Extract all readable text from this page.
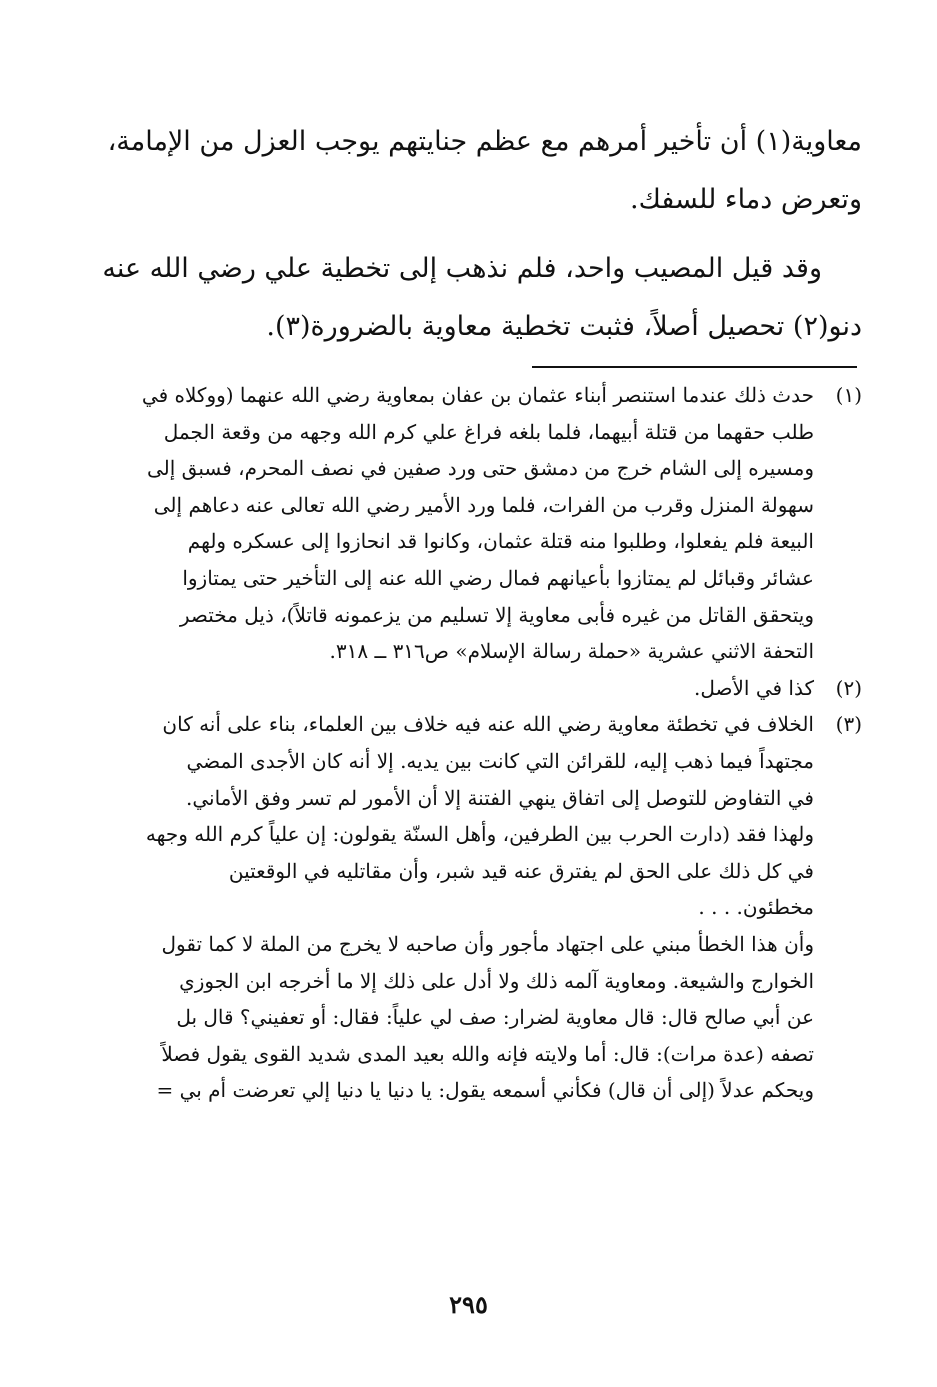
معاوية(١) أن تأخير أمرهم مع عظم جنايتهم يوجب العزل من الإمامة،
وتعرض دماء للسفك.
وقد قيل المصيب واحد، فلم نذهب إلى تخطية علي رضي الله عنه
دنو(٢) تحصيل أصلاً، فثبت تخطية معاوية بالضرورة(٣).
(١)
حدث ذلك عندما استنصر أبناء عثمان بن عفان بمعاوية رضي الله عنهما (ووكلاه في
طلب حقهما من قتلة أبيهما، فلما بلغه فراغ علي كرم الله وجهه من وقعة الجمل
ومسيره إلى الشام خرج من دمشق حتى ورد صفين في نصف المحرم، فسبق إلى
سهولة المنزل وقرب من الفرات، فلما ورد الأمير رضي الله تعالى عنه دعاهم إلى
البيعة فلم يفعلوا، وطلبوا منه قتلة عثمان، وكانوا قد انحازوا إلى عسكره ولهم
عشائر وقبائل لم يمتازوا بأعيانهم فمال رضي الله عنه إلى التأخير حتى يمتازوا
ويتحقق القاتل من غيره فأبى معاوية إلا تسليم من يزعمونه قاتلاً)، ذيل مختصر
التحفة الاثني عشرية «حملة رسالة الإسلام» ص٣١٦ ــ ٣١٨.
(٢)
كذا في الأصل.
(٣)
الخلاف في تخطئة معاوية رضي الله عنه فيه خلاف بين العلماء، بناء على أنه كان
مجتهداً فيما ذهب إليه، للقرائن التي كانت بين يديه. إلا أنه كان الأجدى المضي
في التفاوض للتوصل إلى اتفاق ينهي الفتنة إلا أن الأمور لم تسر وفق الأماني.
ولهذا فقد (دارت الحرب بين الطرفين، وأهل السنّة يقولون: إن علياً كرم الله وجهه
في كل ذلك على الحق لم يفترق عنه قيد شبر، وأن مقاتليه في الوقعتين
مخطئون. . . .
وأن هذا الخطأ مبني على اجتهاد مأجور وأن صاحبه لا يخرج من الملة لا كما تقول
الخوارج والشيعة. ومعاوية آلمه ذلك ولا أدل على ذلك إلا ما أخرجه ابن الجوزي
عن أبي صالح قال: قال معاوية لضرار: صف لي علياً: فقال: أو تعفيني؟ قال بل
تصفه (عدة مرات): قال: أما ولايته فإنه والله بعيد المدى شديد القوى يقول فصلاً
ويحكم عدلاً (إلى أن قال) فكأني أسمعه يقول: يا دنيا يا دنيا إلي تعرضت أم بي =
٢٩٥
